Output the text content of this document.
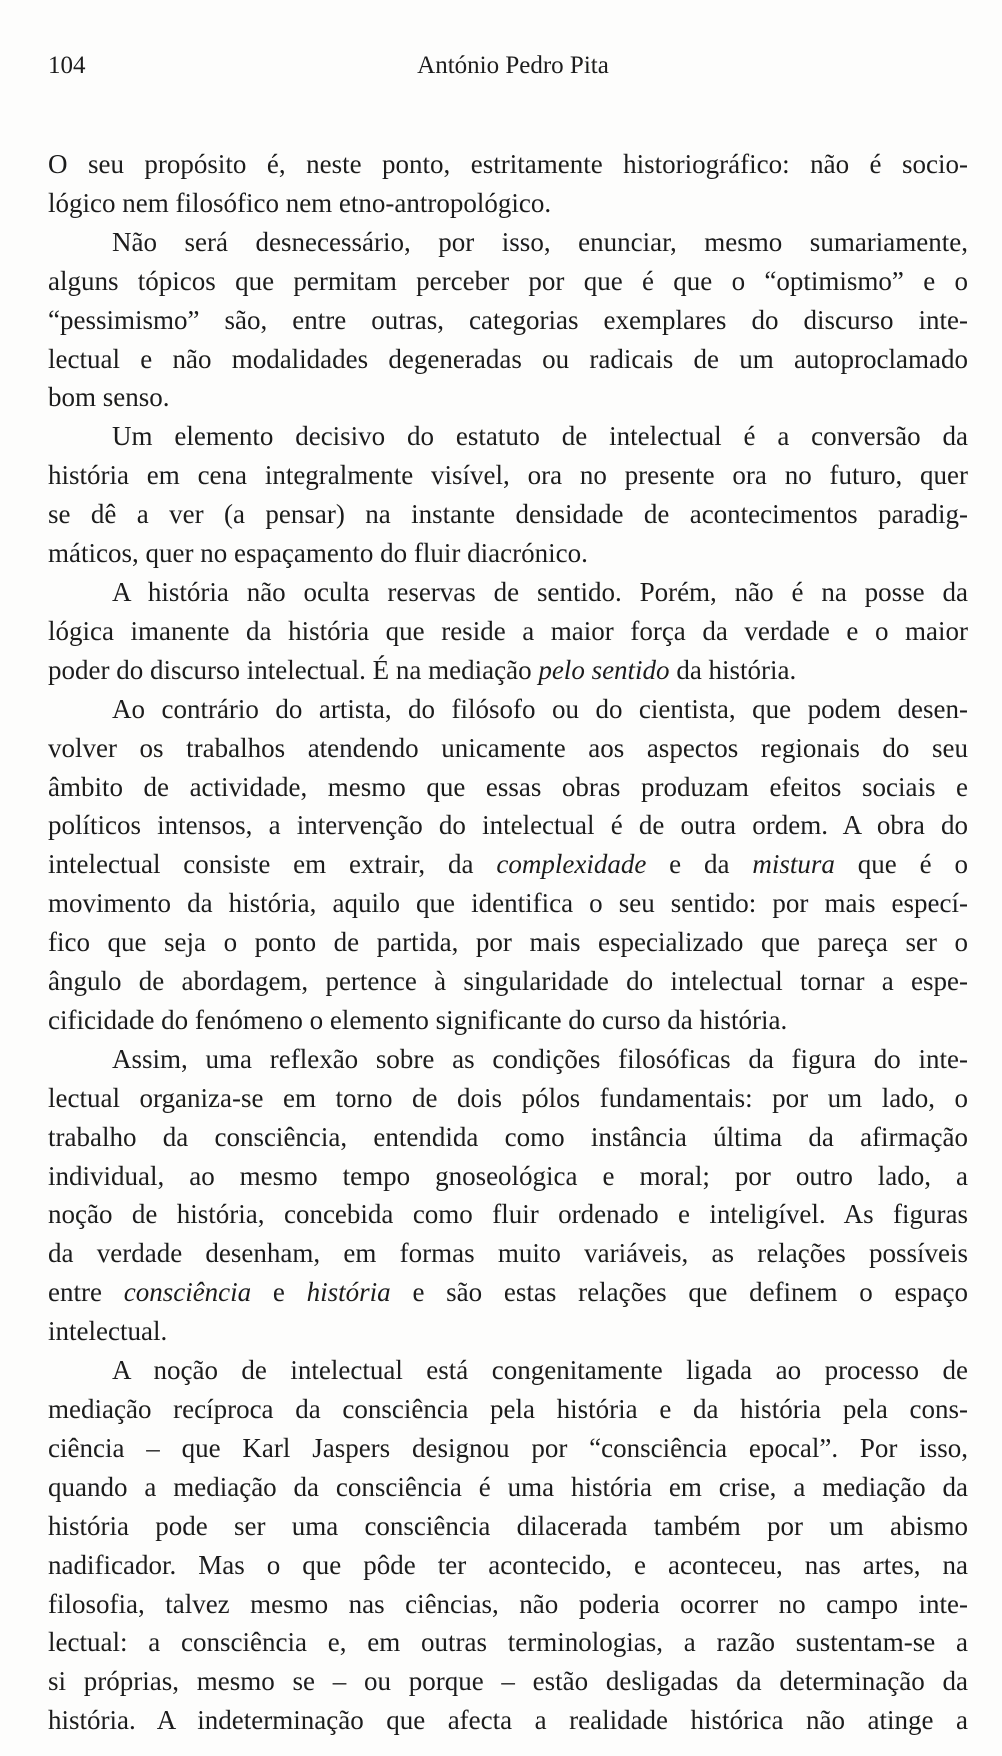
104	António Pedro Pita
O seu propósito é, neste ponto, estritamente historiográfico: não é socio-
lógico nem filosófico nem etno-antropológico.
Não será desnecessário, por isso, enunciar, mesmo sumariamente,
alguns tópicos que permitam perceber por que é que o “optimismo” e o
“pessimismo” são, entre outras, categorias exemplares do discurso inte-
lectual e não modalidades degeneradas ou radicais de um autoproclamado
bom senso.
Um elemento decisivo do estatuto de intelectual é a conversão da
história em cena integralmente visível, ora no presente ora no futuro, quer
se dê a ver (a pensar) na instante densidade de acontecimentos paradig-
máticos, quer no espaçamento do fluir diacrónico.
A história não oculta reservas de sentido. Porém, não é na posse da
lógica imanente da história que reside a maior força da verdade e o maior
poder do discurso intelectual. É na mediação pelo sentido da história.
Ao contrário do artista, do filósofo ou do cientista, que podem desen-
volver os trabalhos atendendo unicamente aos aspectos regionais do seu
âmbito de actividade, mesmo que essas obras produzam efeitos sociais e
políticos intensos, a intervenção do intelectual é de outra ordem. A obra do
intelectual consiste em extrair, da complexidade e da mistura que é o
movimento da história, aquilo que identifica o seu sentido: por mais especí-
fico que seja o ponto de partida, por mais especializado que pareça ser o
ângulo de abordagem, pertence à singularidade do intelectual tornar a espe-
cificidade do fenómeno o elemento significante do curso da história.
Assim, uma reflexão sobre as condições filosóficas da figura do inte-
lectual organiza-se em torno de dois pólos fundamentais: por um lado, o
trabalho da consciência, entendida como instância última da afirmação
individual, ao mesmo tempo gnoseológica e moral; por outro lado, a
noção de história, concebida como fluir ordenado e inteligível. As figuras
da verdade desenham, em formas muito variáveis, as relações possíveis
entre consciência e história e são estas relações que definem o espaço
intelectual.
A noção de intelectual está congenitamente ligada ao processo de
mediação recíproca da consciência pela história e da história pela cons-
ciência – que Karl Jaspers designou por “consciência epocal”. Por isso,
quando a mediação da consciência é uma história em crise, a mediação da
história pode ser uma consciência dilacerada também por um abismo
nadificador. Mas o que pôde ter acontecido, e aconteceu, nas artes, na
filosofia, talvez mesmo nas ciências, não poderia ocorrer no campo inte-
lectual: a consciência e, em outras terminologias, a razão sustentam-se a
si próprias, mesmo se – ou porque – estão desligadas da determinação da
história. A indeterminação que afecta a realidade histórica não atinge a
